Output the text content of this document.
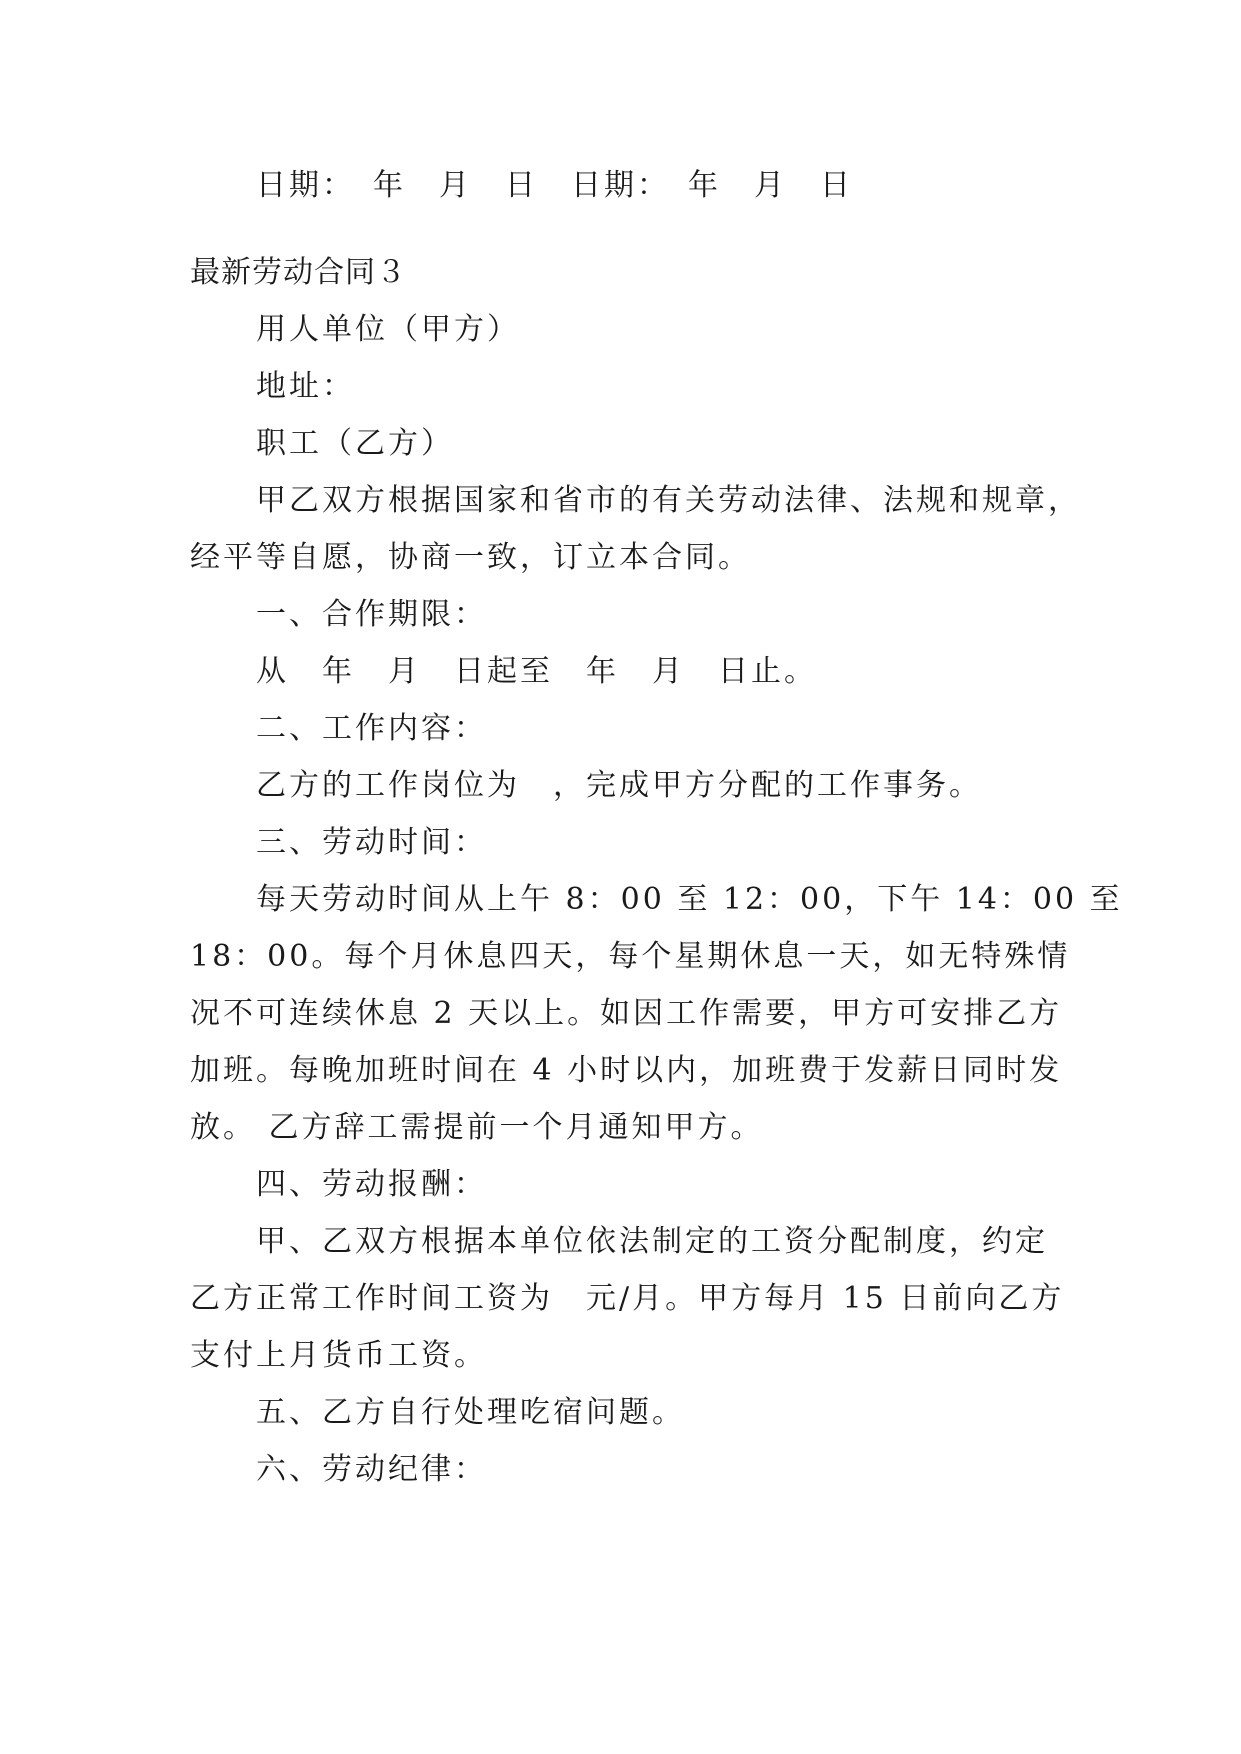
日期：　年　月　日　日期：　年　月　日
最新劳动合同３
用人单位（甲方）
地址：
职工（乙方）
甲乙双方根据国家和省市的有关劳动法律、法规和规章，
经平等自愿，协商一致，订立本合同。
一、合作期限：
从　年　月　日起至　年　月　日止。
二、工作内容：
乙方的工作岗位为　，完成甲方分配的工作事务。
三、劳动时间：
每天劳动时间从上午 8：00 至 12：00，下午 14：00 至
18：00。每个月休息四天，每个星期休息一天，如无特殊情
况不可连续休息 2 天以上。如因工作需要，甲方可安排乙方
加班。每晚加班时间在 4 小时以内，加班费于发薪日同时发
放。 乙方辞工需提前一个月通知甲方。
四、劳动报酬：
甲、乙双方根据本单位依法制定的工资分配制度，约定
乙方正常工作时间工资为　元/月。甲方每月 15 日前向乙方
支付上月货币工资。
五、乙方自行处理吃宿问题。
六、劳动纪律：
